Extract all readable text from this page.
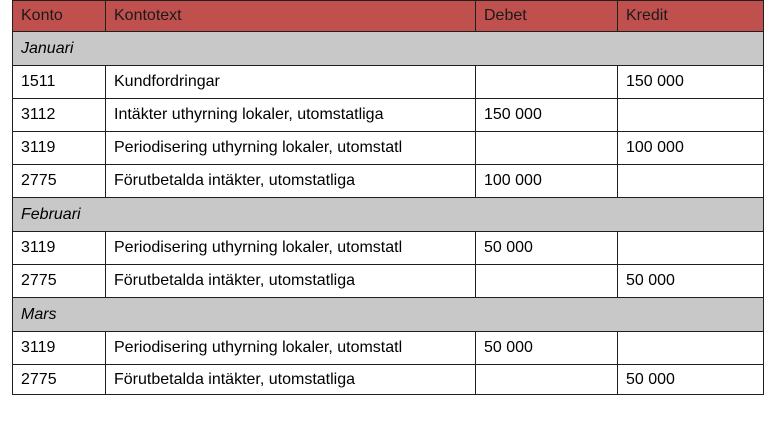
Konto	Kontotext	Debet	Kredit
Januari			
1511	Kundfordringar		150 000
3112	Intäkter uthyrning lokaler, utomstatliga	150 000	
3119	Periodisering uthyrning lokaler, utomstatl		100 000
2775	Förutbetalda intäkter, utomstatliga	100 000	
Februari			
3119	Periodisering uthyrning lokaler, utomstatl	50 000	
2775	Förutbetalda intäkter, utomstatliga		50 000
Mars			
3119	Periodisering uthyrning lokaler, utomstatl	50 000	
2775	Förutbetalda intäkter, utomstatliga		50 000
